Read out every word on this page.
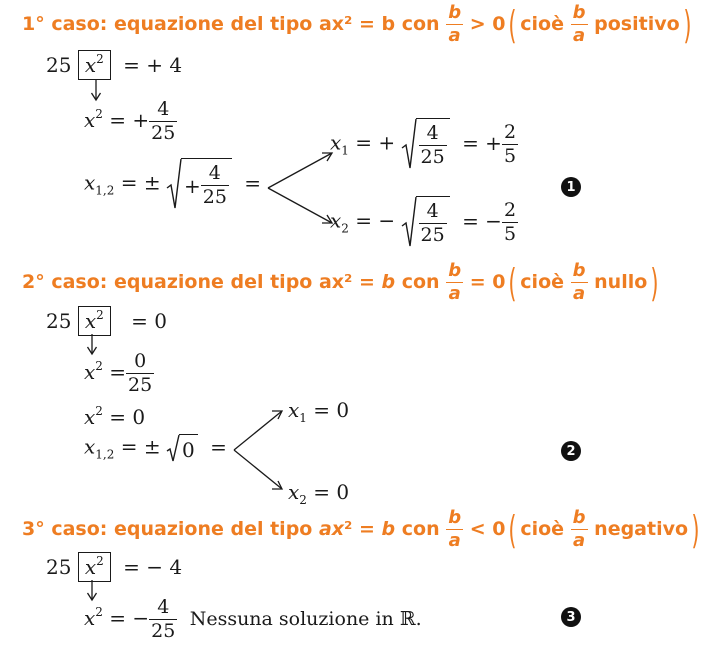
1° caso: equazione del tipo ax² = b con $\frac{b}{a} > 0$( cioè $\frac{b}{a}$ positivo)
25 $x^2$ = + 4
$x^2$ = + $\frac{4}{25}$
$x_{1,2}$ = ± + $\frac{4}{25}$ =
$x_1$ = + $\frac{4}{25}$ = + $\frac{2}{5}$
$x_2$ = − $\frac{4}{25}$ = − $\frac{2}{5}$
1
2° caso: equazione del tipo ax² = b con $\frac{b}{a} = 0$( cioè $\frac{b}{a}$ nullo)
25 $x^2 = 0$
$x^2 = \frac{0}{25}$
$x^2 = 0$
$x_{1,2}$ = ± 0 =
$x_1 = 0$
$x_2 = 0$
2
3° caso: equazione del tipo ax² = b con $\frac{b}{a} < 0$( cioè $\frac{b}{a}$ negativo)
25 $x^2$ = − 4
$x^2$ = − $\frac{4}{25}$ Nessuna soluzione in ℝ.	3
